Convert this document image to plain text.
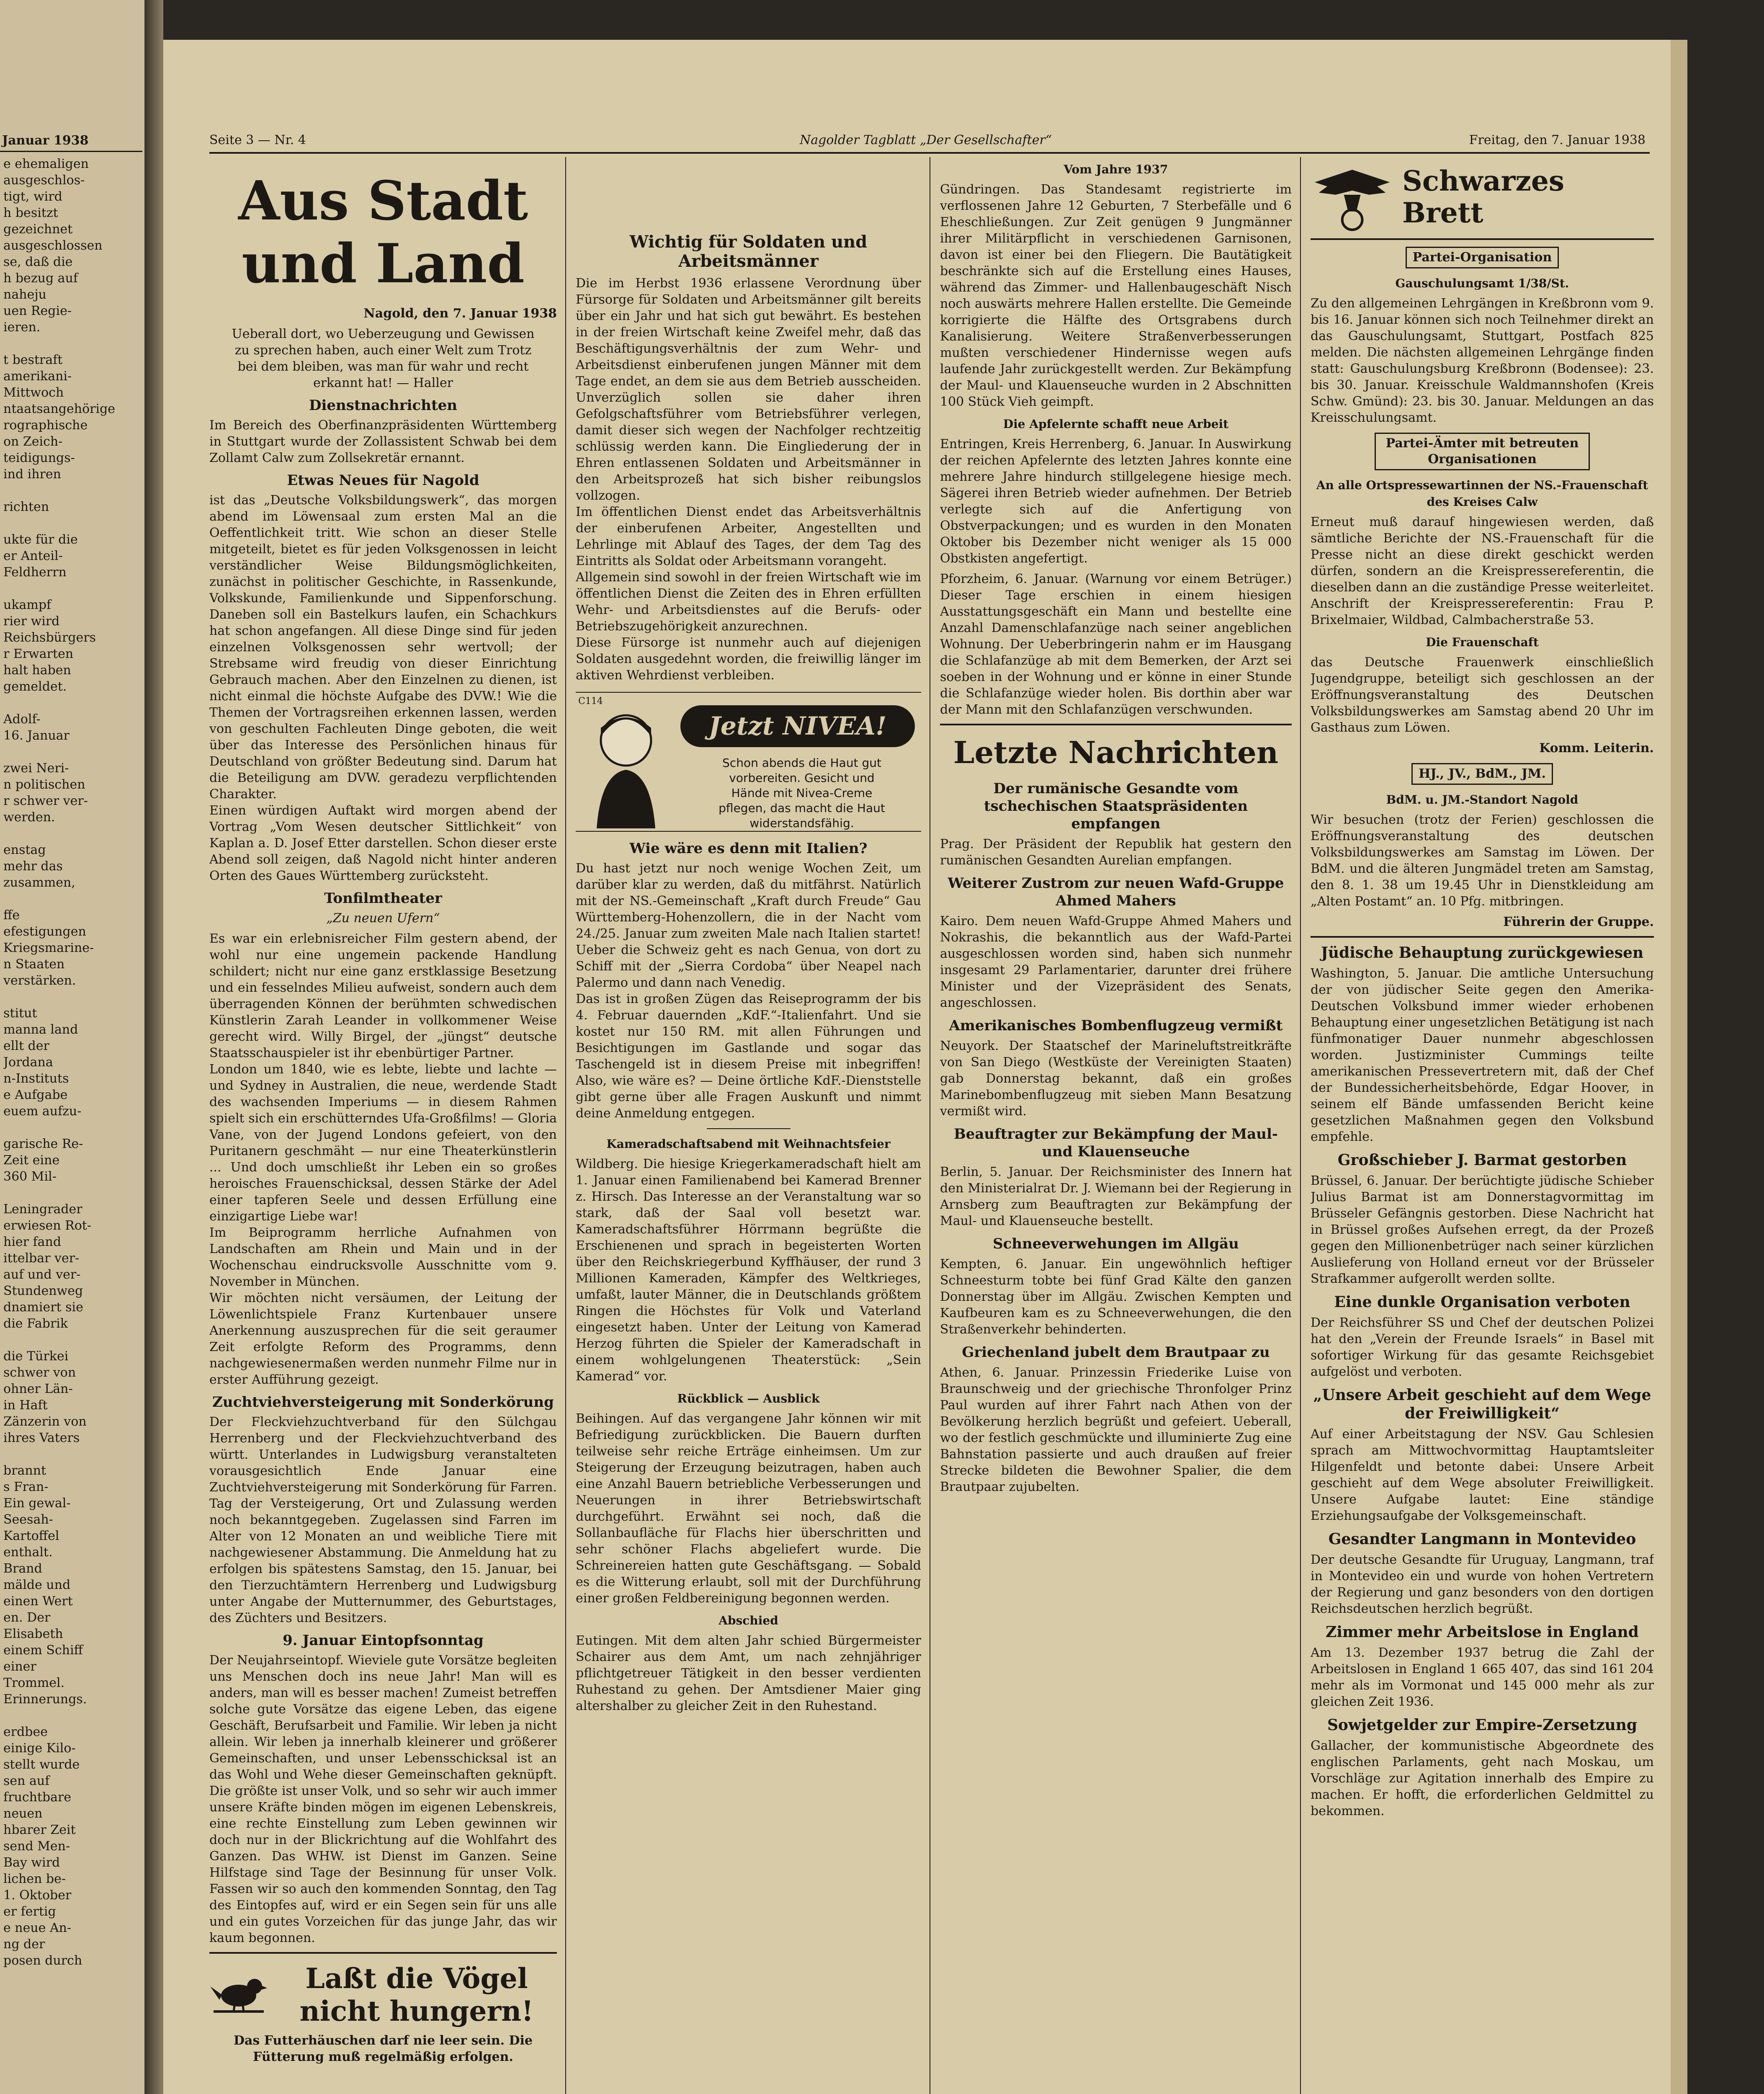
Januar 1938
e ehemaligen
ausgeschlos-
tigt, wird
h besitzt
gezeichnet
ausgeschlossen
se, daß die
h bezug auf
naheju
uen Regie-
ieren.
t bestraft
amerikani-
Mittwoch
ntaatsangehörige
rographische
on Zeich-
teidigungs-
ind ihren
richten
ukte für die
er Anteil-
Feldherrn
ukampf
rier wird
Reichsbürgers
r Erwarten
halt haben
gemeldet.
Adolf-
16. Januar
zwei Neri-
n politischen
r schwer ver-
werden.
enstag
mehr das
zusammen,
ffe
efestigungen
Kriegsmarine-
n Staaten
verstärken.
stitut
manna land
ellt der
Jordana
n-Instituts
e Aufgabe
euem aufzu-
garische Re-
Zeit eine
360 Mil-
Leningrader
erwiesen Rot-
hier fand
ittelbar ver-
auf und ver-
Stundenweg
dnamiert sie
die Fabrik
die Türkei
schwer von
ohner Län-
in Haft
Zänzerin von
ihres Vaters
brannt
s Fran-
Ein gewal-
Seesah-
Kartoffel
enthalt.
Brand
mälde und
einen Wert
en. Der
Elisabeth
einem Schiff
einer
Trommel.
Erinnerungs.
erdbee
einige Kilo-
stellt wurde
sen auf
fruchtbare
neuen
hbarer Zeit
send Men-
Bay wird
lichen be-
1. Oktober
er fertig
e neue An-
ng der
posen durch
Seite 3 — Nr. 4	Nagolder Tagblatt „Der Gesellschafter“	Freitag, den 7. Januar 1938
Aus Stadt und Land
Nagold, den 7. Januar 1938
Ueberall dort, wo Ueberzeugung und Gewissen zu sprechen haben, auch einer Welt zum Trotz bei dem bleiben, was man für wahr und recht erkannt hat! — Haller
Dienstnachrichten
Im Bereich des Oberfinanzpräsidenten Württemberg in Stuttgart wurde der Zollassistent Schwab bei dem Zollamt Calw zum Zollsekretär ernannt.
Etwas Neues für Nagold
ist das „Deutsche Volksbildungswerk“, das morgen abend im Löwensaal zum ersten Mal an die Oeffentlichkeit tritt. Wie schon an dieser Stelle mitgeteilt, bietet es für jeden Volksgenossen in leicht verständlicher Weise Bildungsmöglichkeiten, zunächst in politischer Geschichte, in Rassenkunde, Volkskunde, Familienkunde und Sippenforschung. Daneben soll ein Bastelkurs laufen, ein Schachkurs hat schon angefangen. All diese Dinge sind für jeden einzelnen Volksgenossen sehr wertvoll; der Strebsame wird freudig von dieser Einrichtung Gebrauch machen. Aber den Einzelnen zu dienen, ist nicht einmal die höchste Aufgabe des DVW.! Wie die Themen der Vortragsreihen erkennen lassen, werden von geschulten Fachleuten Dinge geboten, die weit über das Interesse des Persönlichen hinaus für Deutschland von größter Bedeutung sind. Darum hat die Beteiligung am DVW. geradezu verpflichtenden Charakter.
Einen würdigen Auftakt wird morgen abend der Vortrag „Vom Wesen deutscher Sittlichkeit“ von Kaplan a. D. Josef Etter darstellen. Schon dieser erste Abend soll zeigen, daß Nagold nicht hinter anderen Orten des Gaues Württemberg zurücksteht.
Tonfilmtheater
„Zu neuen Ufern“
Es war ein erlebnisreicher Film gestern abend, der wohl nur eine ungemein packende Handlung schildert; nicht nur eine ganz erstklassige Besetzung und ein fesselndes Milieu aufweist, sondern auch dem überragenden Können der berühmten schwedischen Künstlerin Zarah Leander in vollkommener Weise gerecht wird. Willy Birgel, der „jüngst“ deutsche Staatsschauspieler ist ihr ebenbürtiger Partner.
London um 1840, wie es lebte, liebte und lachte — und Sydney in Australien, die neue, werdende Stadt des wachsenden Imperiums — in diesem Rahmen spielt sich ein erschütterndes Ufa-Großfilms! — Gloria Vane, von der Jugend Londons gefeiert, von den Puritanern geschmäht — nur eine Theaterkünstlerin ... Und doch umschließt ihr Leben ein so großes heroisches Frauenschicksal, dessen Stärke der Adel einer tapferen Seele und dessen Erfüllung eine einzigartige Liebe war!
Im Beiprogramm herrliche Aufnahmen von Landschaften am Rhein und Main und in der Wochenschau eindrucksvolle Ausschnitte vom 9. November in München.
Wir möchten nicht versäumen, der Leitung der Löwenlichtspiele Franz Kurtenbauer unsere Anerkennung auszusprechen für die seit geraumer Zeit erfolgte Reform des Programms, denn nachgewiesenermaßen werden nunmehr Filme nur in erster Aufführung gezeigt.
Zuchtviehversteigerung mit Sonderkörung
Der Fleckviehzuchtverband für den Sülchgau Herrenberg und der Fleckviehzuchtverband des württ. Unterlandes in Ludwigsburg veranstalteten vorausgesichtlich Ende Januar eine Zuchtviehversteigerung mit Sonderkörung für Farren. Tag der Versteigerung, Ort und Zulassung werden noch bekanntgegeben. Zugelassen sind Farren im Alter von 12 Monaten an und weibliche Tiere mit nachgewiesener Abstammung. Die Anmeldung hat zu erfolgen bis spätestens Samstag, den 15. Januar, bei den Tierzuchtämtern Herrenberg und Ludwigsburg unter Angabe der Mutternummer, des Geburtstages, des Züchters und Besitzers.
9. Januar Eintopfsonntag
Der Neujahrseintopf. Wieviele gute Vorsätze begleiten uns Menschen doch ins neue Jahr! Man will es anders, man will es besser machen! Zumeist betreffen solche gute Vorsätze das eigene Leben, das eigene Geschäft, Berufsarbeit und Familie. Wir leben ja nicht allein. Wir leben ja innerhalb kleinerer und größerer Gemeinschaften, und unser Lebensschicksal ist an das Wohl und Wehe dieser Gemeinschaften geknüpft. Die größte ist unser Volk, und so sehr wir auch immer unsere Kräfte binden mögen im eigenen Lebenskreis, eine rechte Einstellung zum Leben gewinnen wir doch nur in der Blickrichtung auf die Wohlfahrt des Ganzen. Das WHW. ist Dienst im Ganzen. Seine Hilfstage sind Tage der Besinnung für unser Volk. Fassen wir so auch den kommenden Sonntag, den Tag des Eintopfes auf, wird er ein Segen sein für uns alle und ein gutes Vorzeichen für das junge Jahr, das wir kaum begonnen.
Laßt die Vögel nicht hungern!
Das Futterhäuschen darf nie leer sein. Die Fütterung muß regelmäßig erfolgen.
Wichtig für Soldaten und Arbeitsmänner
Die im Herbst 1936 erlassene Verordnung über Fürsorge für Soldaten und Arbeitsmänner gilt bereits über ein Jahr und hat sich gut bewährt. Es bestehen in der freien Wirtschaft keine Zweifel mehr, daß das Beschäftigungsverhältnis der zum Wehr- und Arbeitsdienst einberufenen jungen Männer mit dem Tage endet, an dem sie aus dem Betrieb ausscheiden. Unverzüglich sollen sie daher ihren Gefolgschaftsführer vom Betriebsführer verlegen, damit dieser sich wegen der Nachfolger rechtzeitig schlüssig werden kann. Die Eingliederung der in Ehren entlassenen Soldaten und Arbeitsmänner in den Arbeitsprozeß hat sich bisher reibungslos vollzogen.
Im öffentlichen Dienst endet das Arbeitsverhältnis der einberufenen Arbeiter, Angestellten und Lehrlinge mit Ablauf des Tages, der dem Tag des Eintritts als Soldat oder Arbeitsmann vorangeht.
Allgemein sind sowohl in der freien Wirtschaft wie im öffentlichen Dienst die Zeiten des in Ehren erfüllten Wehr- und Arbeitsdienstes auf die Berufs- oder Betriebszugehörigkeit anzurechnen.
Diese Fürsorge ist nunmehr auch auf diejenigen Soldaten ausgedehnt worden, die freiwillig länger im aktiven Wehrdienst verbleiben.
C114
Jetzt NIVEA!
Schon abends die Haut gut vorbereiten. Gesicht und Hände mit Nivea-Creme pflegen, das macht die Haut widerstandsfähig.
Wie wäre es denn mit Italien?
Du hast jetzt nur noch wenige Wochen Zeit, um darüber klar zu werden, daß du mitfährst. Natürlich mit der NS.-Gemeinschaft „Kraft durch Freude“ Gau Württemberg-Hohenzollern, die in der Nacht vom 24./25. Januar zum zweiten Male nach Italien startet! Ueber die Schweiz geht es nach Genua, von dort zu Schiff mit der „Sierra Cordoba“ über Neapel nach Palermo und dann nach Venedig.
Das ist in großen Zügen das Reiseprogramm der bis 4. Februar dauernden „KdF.“-Italienfahrt. Und sie kostet nur 150 RM. mit allen Führungen und Besichtigungen im Gastlande und sogar das Taschengeld ist in diesem Preise mit inbegriffen! Also, wie wäre es? — Deine örtliche KdF.-Dienststelle gibt gerne über alle Fragen Auskunft und nimmt deine Anmeldung entgegen.
Kameradschaftsabend mit Weihnachtsfeier
Wildberg. Die hiesige Kriegerkameradschaft hielt am 1. Januar einen Familienabend bei Kamerad Brenner z. Hirsch. Das Interesse an der Veranstaltung war so stark, daß der Saal voll besetzt war. Kameradschaftsführer Hörrmann begrüßte die Erschienenen und sprach in begeisterten Worten über den Reichskriegerbund Kyffhäuser, der rund 3 Millionen Kameraden, Kämpfer des Weltkrieges, umfaßt, lauter Männer, die in Deutschlands größtem Ringen die Höchstes für Volk und Vaterland eingesetzt haben. Unter der Leitung von Kamerad Herzog führten die Spieler der Kameradschaft in einem wohlgelungenen Theaterstück: „Sein Kamerad“ vor.
Rückblick — Ausblick
Beihingen. Auf das vergangene Jahr können wir mit Befriedigung zurückblicken. Die Bauern durften teilweise sehr reiche Erträge einheimsen. Um zur Steigerung der Erzeugung beizutragen, haben auch eine Anzahl Bauern betriebliche Verbesserungen und Neuerungen in ihrer Betriebswirtschaft durchgeführt. Erwähnt sei noch, daß die Sollanbaufläche für Flachs hier überschritten und sehr schöner Flachs abgeliefert wurde. Die Schreinereien hatten gute Geschäftsgang. — Sobald es die Witterung erlaubt, soll mit der Durchführung einer großen Feldbereinigung begonnen werden.
Abschied
Eutingen. Mit dem alten Jahr schied Bürgermeister Schairer aus dem Amt, um nach zehnjähriger pflichtgetreuer Tätigkeit in den besser verdienten Ruhestand zu gehen. Der Amtsdiener Maier ging altershalber zu gleicher Zeit in den Ruhestand.
Vom Jahre 1937
Gündringen. Das Standesamt registrierte im verflossenen Jahre 12 Geburten, 7 Sterbefälle und 6 Eheschließungen. Zur Zeit genügen 9 Jungmänner ihrer Militärpflicht in verschiedenen Garnisonen, davon ist einer bei den Fliegern. Die Bautätigkeit beschränkte sich auf die Erstellung eines Hauses, während das Zimmer- und Hallenbaugeschäft Nisch noch auswärts mehrere Hallen erstellte. Die Gemeinde korrigierte die Hälfte des Ortsgrabens durch Kanalisierung. Weitere Straßenverbesserungen mußten verschiedener Hindernisse wegen aufs laufende Jahr zurückgestellt werden. Zur Bekämpfung der Maul- und Klauenseuche wurden in 2 Abschnitten 100 Stück Vieh geimpft.
Die Apfelernte schafft neue Arbeit
Entringen, Kreis Herrenberg, 6. Januar. In Auswirkung der reichen Apfelernte des letzten Jahres konnte eine mehrere Jahre hindurch stillgelegene hiesige mech. Sägerei ihren Betrieb wieder aufnehmen. Der Betrieb verlegte sich auf die Anfertigung von Obstverpackungen; und es wurden in den Monaten Oktober bis Dezember nicht weniger als 15 000 Obstkisten angefertigt.
Pforzheim, 6. Januar. (Warnung vor einem Betrüger.) Dieser Tage erschien in einem hiesigen Ausstattungsgeschäft ein Mann und bestellte eine Anzahl Damenschlafanzüge nach seiner angeblichen Wohnung. Der Ueberbringerin nahm er im Hausgang die Schlafanzüge ab mit dem Bemerken, der Arzt sei soeben in der Wohnung und er könne in einer Stunde die Schlafanzüge wieder holen. Bis dorthin aber war der Mann mit den Schlafanzügen verschwunden.
Letzte Nachrichten
Der rumänische Gesandte vom tschechischen Staatspräsidenten empfangen
Prag. Der Präsident der Republik hat gestern den rumänischen Gesandten Aurelian empfangen.
Weiterer Zustrom zur neuen Wafd-Gruppe Ahmed Mahers
Kairo. Dem neuen Wafd-Gruppe Ahmed Mahers und Nokrashis, die bekanntlich aus der Wafd-Partei ausgeschlossen worden sind, haben sich nunmehr insgesamt 29 Parlamentarier, darunter drei frühere Minister und der Vizepräsident des Senats, angeschlossen.
Amerikanisches Bombenflugzeug vermißt
Neuyork. Der Staatschef der Marineluftstreitkräfte von San Diego (Westküste der Vereinigten Staaten) gab Donnerstag bekannt, daß ein großes Marinebombenflugzeug mit sieben Mann Besatzung vermißt wird.
Beauftragter zur Bekämpfung der Maul- und Klauenseuche
Berlin, 5. Januar. Der Reichsminister des Innern hat den Ministerialrat Dr. J. Wiemann bei der Regierung in Arnsberg zum Beauftragten zur Bekämpfung der Maul- und Klauenseuche bestellt.
Schneeverwehungen im Allgäu
Kempten, 6. Januar. Ein ungewöhnlich heftiger Schneesturm tobte bei fünf Grad Kälte den ganzen Donnerstag über im Allgäu. Zwischen Kempten und Kaufbeuren kam es zu Schneeverwehungen, die den Straßenverkehr behinderten.
Griechenland jubelt dem Brautpaar zu
Athen, 6. Januar. Prinzessin Friederike Luise von Braunschweig und der griechische Thronfolger Prinz Paul wurden auf ihrer Fahrt nach Athen von der Bevölkerung herzlich begrüßt und gefeiert. Ueberall, wo der festlich geschmückte und illuminierte Zug eine Bahnstation passierte und auch draußen auf freier Strecke bildeten die Bewohner Spalier, die dem Brautpaar zujubelten.
Schwarzes Brett
Partei-Organisation
Gauschulungsamt 1/38/St.
Zu den allgemeinen Lehrgängen in Kreßbronn vom 9. bis 16. Januar können sich noch Teilnehmer direkt an das Gauschulungsamt, Stuttgart, Postfach 825 melden. Die nächsten allgemeinen Lehrgänge finden statt: Gauschulungsburg Kreßbronn (Bodensee): 23. bis 30. Januar. Kreisschule Waldmannshofen (Kreis Schw. Gmünd): 23. bis 30. Januar. Meldungen an das Kreisschulungsamt.
Partei-Ämter mit betreuten Organisationen
An alle Ortspressewartinnen der NS.-Frauenschaft des Kreises Calw
Erneut muß darauf hingewiesen werden, daß sämtliche Berichte der NS.-Frauenschaft für die Presse nicht an diese direkt geschickt werden dürfen, sondern an die Kreispressereferentin, die dieselben dann an die zuständige Presse weiterleitet. Anschrift der Kreispressereferentin: Frau P. Brixelmaier, Wildbad, Calmbacherstraße 53.
Die Frauenschaft
das Deutsche Frauenwerk einschließlich Jugendgruppe, beteiligt sich geschlossen an der Eröffnungsveranstaltung des Deutschen Volksbildungswerkes am Samstag abend 20 Uhr im Gasthaus zum Löwen.
Komm. Leiterin.
HJ., JV., BdM., JM.
BdM. u. JM.-Standort Nagold
Wir besuchen (trotz der Ferien) geschlossen die Eröffnungsveranstaltung des deutschen Volksbildungswerkes am Samstag im Löwen. Der BdM. und die älteren Jungmädel treten am Samstag, den 8. 1. 38 um 19.45 Uhr in Dienstkleidung am „Alten Postamt“ an. 10 Pfg. mitbringen.
Führerin der Gruppe.
Jüdische Behauptung zurückgewiesen
Washington, 5. Januar. Die amtliche Untersuchung der von jüdischer Seite gegen den Amerika-Deutschen Volksbund immer wieder erhobenen Behauptung einer ungesetzlichen Betätigung ist nach fünfmonatiger Dauer nunmehr abgeschlossen worden. Justizminister Cummings teilte amerikanischen Pressevertretern mit, daß der Chef der Bundessicherheitsbehörde, Edgar Hoover, in seinem elf Bände umfassenden Bericht keine gesetzlichen Maßnahmen gegen den Volksbund empfehle.
Großschieber J. Barmat gestorben
Brüssel, 6. Januar. Der berüchtigte jüdische Schieber Julius Barmat ist am Donnerstagvormittag im Brüsseler Gefängnis gestorben. Diese Nachricht hat in Brüssel großes Aufsehen erregt, da der Prozeß gegen den Millionenbetrüger nach seiner kürzlichen Auslieferung von Holland erneut vor der Brüsseler Strafkammer aufgerollt werden sollte.
Eine dunkle Organisation verboten
Der Reichsführer SS und Chef der deutschen Polizei hat den „Verein der Freunde Israels“ in Basel mit sofortiger Wirkung für das gesamte Reichsgebiet aufgelöst und verboten.
„Unsere Arbeit geschieht auf dem Wege der Freiwilligkeit“
Auf einer Arbeitstagung der NSV. Gau Schlesien sprach am Mittwochvormittag Hauptamtsleiter Hilgenfeldt und betonte dabei: Unsere Arbeit geschieht auf dem Wege absoluter Freiwilligkeit. Unsere Aufgabe lautet: Eine ständige Erziehungsaufgabe der Volksgemeinschaft.
Gesandter Langmann in Montevideo
Der deutsche Gesandte für Uruguay, Langmann, traf in Montevideo ein und wurde von hohen Vertretern der Regierung und ganz besonders von den dortigen Reichsdeutschen herzlich begrüßt.
Zimmer mehr Arbeitslose in England
Am 13. Dezember 1937 betrug die Zahl der Arbeitslosen in England 1 665 407, das sind 161 204 mehr als im Vormonat und 145 000 mehr als zur gleichen Zeit 1936.
Sowjetgelder zur Empire-Zersetzung
Gallacher, der kommunistische Abgeordnete des englischen Parlaments, geht nach Moskau, um Vorschläge zur Agitation innerhalb des Empire zu machen. Er hofft, die erforderlichen Geldmittel zu bekommen.
